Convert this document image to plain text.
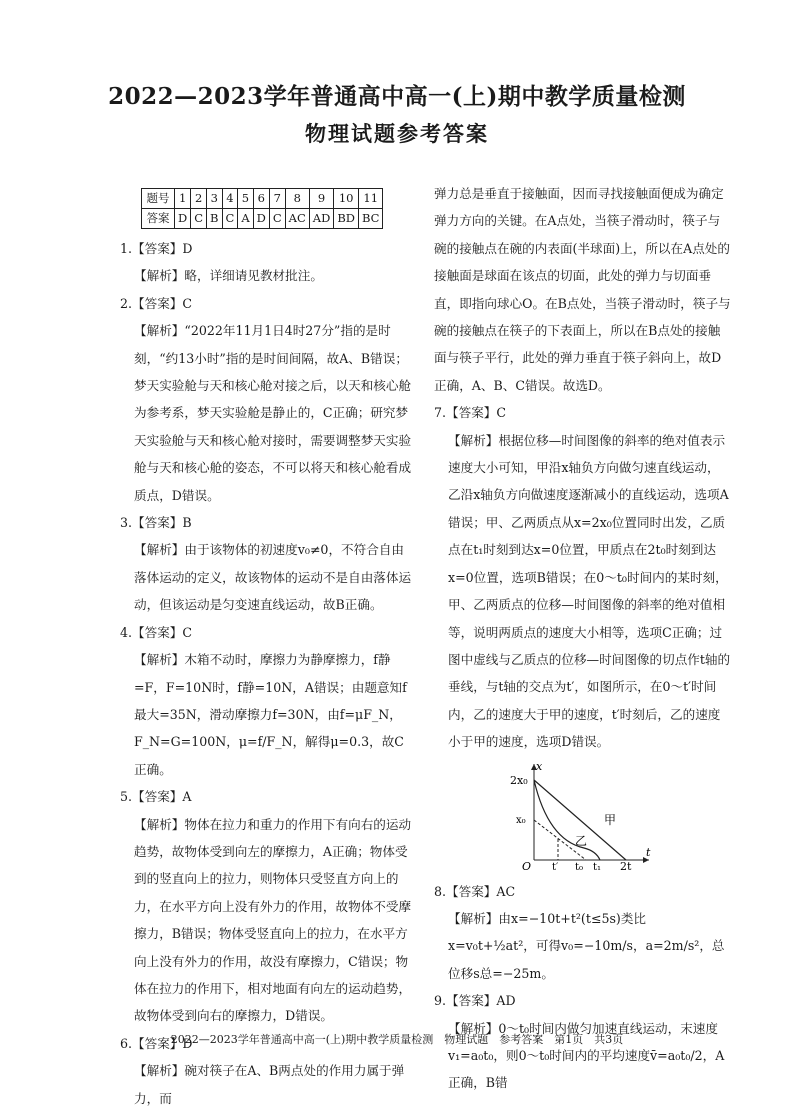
2022—2023学年普通高中高一(上)期中教学质量检测
物理试题参考答案
题号	1	2	3	4	5	6	7	8	9	10	11
答案	D	C	B	C	A	D	C	AC	AD	BD	BC

1.【答案】D

【解析】略，详细请见教材批注。

2.【答案】C

【解析】“2022年11月1日4时27分”指的是时刻，“约13小时”指的是时间间隔，故A、B错误；梦天实验舱与天和核心舱对接之后，以天和核心舱为参考系，梦天实验舱是静止的，C正确；研究梦天实验舱与天和核心舱对接时，需要调整梦天实验舱与天和核心舱的姿态，不可以将天和核心舱看成质点，D错误。

3.【答案】B

【解析】由于该物体的初速度v₀≠0，不符合自由落体运动的定义，故该物体的运动不是自由落体运动，但该运动是匀变速直线运动，故B正确。

4.【答案】C

【解析】木箱不动时，摩擦力为静摩擦力，f静=F，F=10N时，f静=10N，A错误；由题意知f最大=35N，滑动摩擦力f=30N，由f=μF_N，F_N=G=100N，μ=f/F_N，解得μ=0.3，故C正确。

5.【答案】A

【解析】物体在拉力和重力的作用下有向右的运动趋势，故物体受到向左的摩擦力，A正确；物体受到的竖直向上的拉力，则物体只受竖直方向上的力，在水平方向上没有外力的作用，故物体不受摩擦力，B错误；物体受竖直向上的拉力，在水平方向上没有外力的作用，故没有摩擦力，C错误；物体在拉力的作用下，相对地面有向左的运动趋势，故物体受到向右的摩擦力，D错误。

6.【答案】D

【解析】碗对筷子在A、B两点处的作用力属于弹力，而

弹力总是垂直于接触面，因而寻找接触面便成为确定弹力方向的关键。在A点处，当筷子滑动时，筷子与碗的接触点在碗的内表面(半球面)上，所以在A点处的接触面是球面在该点的切面，此处的弹力与切面垂直，即指向球心O。在B点处，当筷子滑动时，筷子与碗的接触点在筷子的下表面上，所以在B点处的接触面与筷子平行，此处的弹力垂直于筷子斜向上，故D正确，A、B、C错误。故选D。

7.【答案】C

【解析】根据位移—时间图像的斜率的绝对值表示速度大小可知，甲沿x轴负方向做匀速直线运动，乙沿x轴负方向做速度逐渐减小的直线运动，选项A错误；甲、乙两质点从x=2x₀位置同时出发，乙质点在t₁时刻到达x=0位置，甲质点在2t₀时刻到达x=0位置，选项B错误；在0～t₀时间内的某时刻，甲、乙两质点的位移—时间图像的斜率的绝对值相等，说明两质点的速度大小相等，选项C正确；过图中虚线与乙质点的位移—时间图像的切点作t轴的垂线，与t轴的交点为t′，如图所示，在0～t′时间内，乙的速度大于甲的速度，t′时刻后，乙的速度小于甲的速度，选项D错误。

x
t
2x₀
x₀
O t′ t₀ t₁ 2t
甲
乙

8.【答案】AC

【解析】由x=−10t+t²(t≤5s)类比x=v₀t+½at²，可得v₀=−10m/s，a=2m/s²，总位移s总=−25m。

9.【答案】AD

【解析】0～t₀时间内做匀加速直线运动，末速度v₁=a₀t₀，则0～t₀时间内的平均速度v̄=a₀t₀/2，A正确，B错

2022—2023学年普通高中高一(上)期中教学质量检测　物理试题　参考答案　第1页　共3页
